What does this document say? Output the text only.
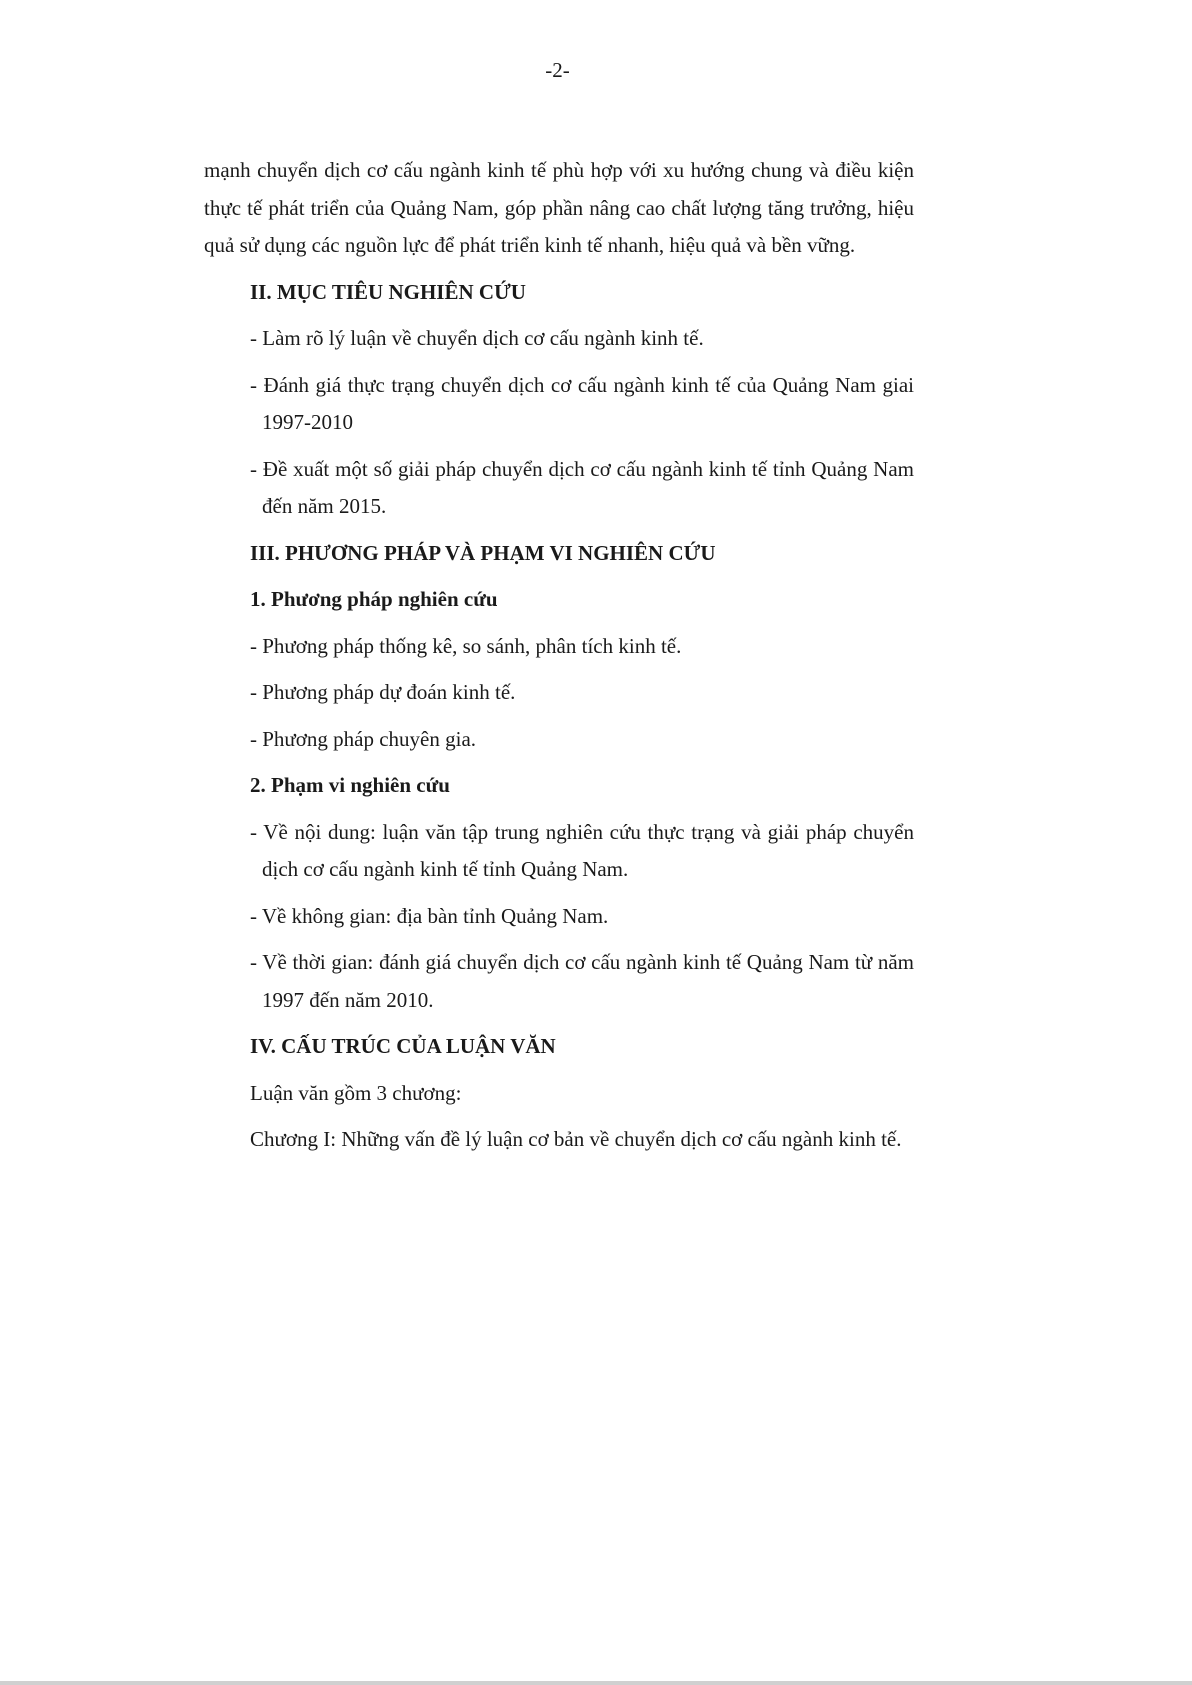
-2-

mạnh chuyển dịch cơ cấu ngành kinh tế phù hợp với xu hướng chung và điều kiện thực tế phát triển của Quảng Nam, góp phần nâng cao chất lượng tăng trưởng, hiệu quả sử dụng các nguồn lực để phát triển kinh tế nhanh, hiệu quả và bền vững.

II. MỤC TIÊU NGHIÊN CỨU

- Làm rõ lý luận về chuyển dịch cơ cấu ngành kinh tế.

- Đánh giá thực trạng chuyển dịch cơ cấu ngành kinh tế của Quảng Nam giai 1997-2010

- Đề xuất một số giải pháp chuyển dịch cơ cấu ngành kinh tế tỉnh Quảng Nam đến năm 2015.

III. PHƯƠNG PHÁP VÀ PHẠM VI NGHIÊN CỨU

1. Phương pháp nghiên cứu

- Phương pháp thống kê, so sánh, phân tích kinh tế.

- Phương pháp dự đoán kinh tế.

- Phương pháp chuyên gia.

2. Phạm vi nghiên cứu

- Về nội dung: luận văn tập trung nghiên cứu thực trạng và giải pháp chuyển dịch cơ cấu ngành kinh tế tỉnh Quảng Nam.

- Về không gian: địa bàn tỉnh Quảng Nam.

- Về thời gian: đánh giá chuyển dịch cơ cấu ngành kinh tế Quảng Nam từ năm 1997 đến năm 2010.

IV. CẤU TRÚC CỦA LUẬN VĂN

Luận văn gồm 3 chương:

Chương I: Những vấn đề lý luận cơ bản về chuyển dịch cơ cấu ngành kinh tế.
